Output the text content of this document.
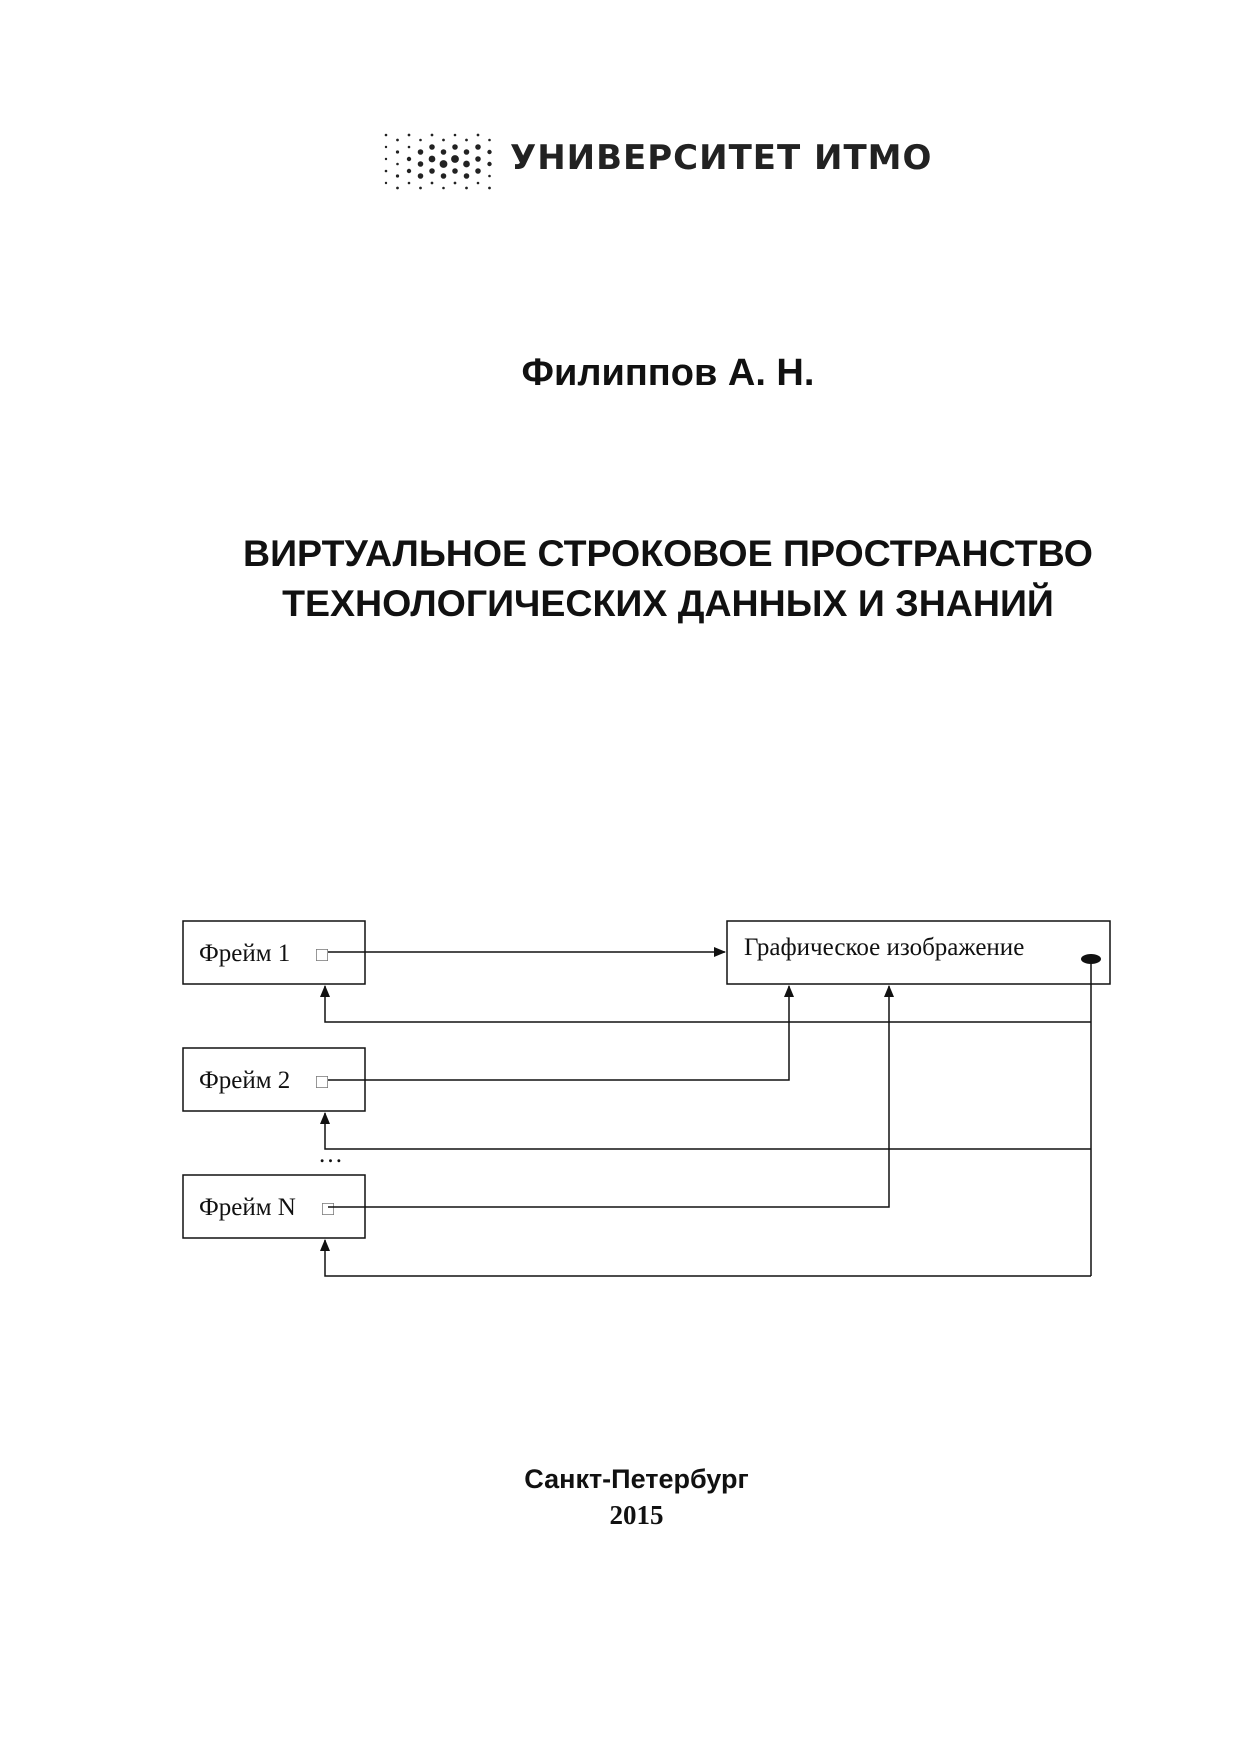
УНИВЕРСИТЕТ ИТМО
Филиппов А. Н.
ВИРТУАЛЬНОЕ СТРОКОВОЕ ПРОСТРАНСТВО
ТЕХНОЛОГИЧЕСКИХ ДАННЫХ И ЗНАНИЙ
Фрейм 1 □
Фрейм 2 □
…
Фрейм N □
Графическое изображение
Санкт-Петербург
2015
